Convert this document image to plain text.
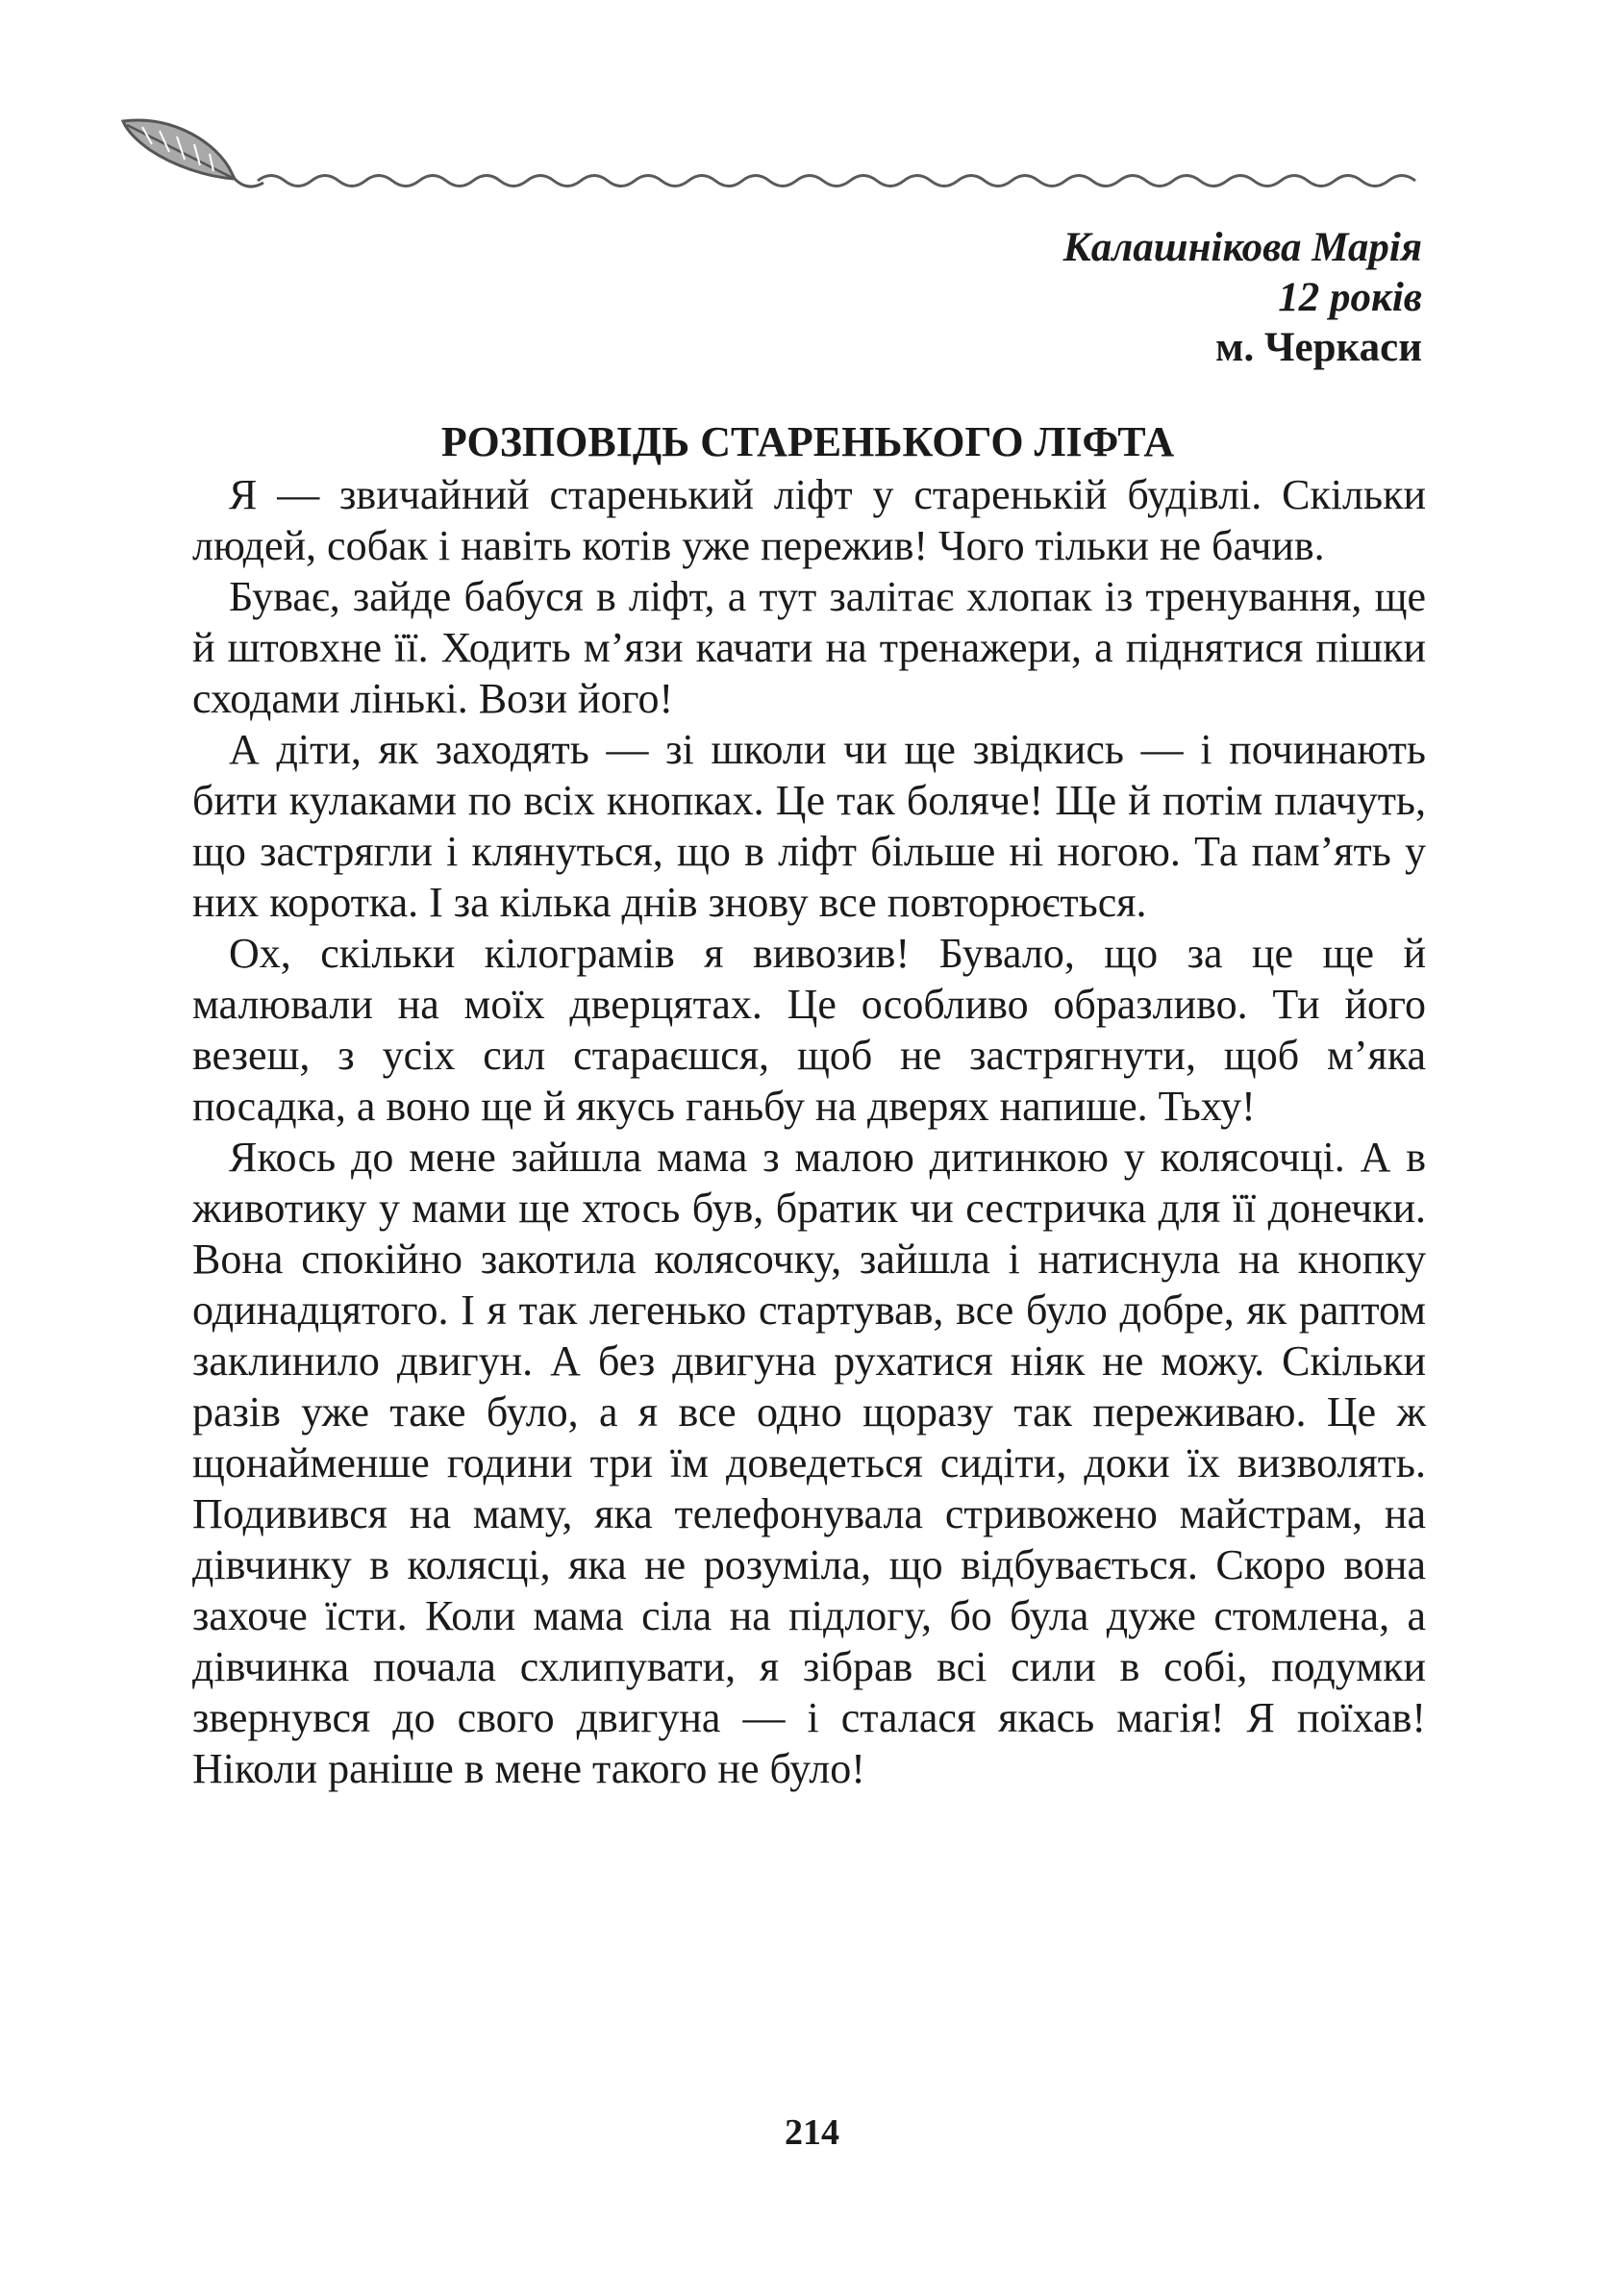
Калашнікова Марія
12 років
м. Черкаси
РОЗПОВІДЬ СТАРЕНЬКОГО ЛІФТА

Я — звичайний старенький ліфт у старенькій будівлі. Скільки людей, собак і навіть котів уже пережив! Чого тільки не бачив.

Буває, зайде бабуся в ліфт, а тут залітає хлопак із тренування, ще й штовхне її. Ходить м’язи качати на тренажери, а піднятися пішки сходами лінькі. Вози його!

А діти, як заходять — зі школи чи ще звідкись — і починають бити кулаками по всіх кнопках. Це так боляче! Ще й потім плачуть, що застрягли і клянуться, що в ліфт більше ні ногою. Та пам’ять у них коротка. І за кілька днів знову все повторюється.

Ох, скільки кілограмів я вивозив! Бувало, що за це ще й малювали на моїх дверцятах. Це особливо образливо. Ти його везеш, з усіх сил стараєшся, щоб не застрягнути, щоб м’яка посадка, а воно ще й якусь ганьбу на дверях напише. Тьху!

Якось до мене зайшла мама з малою дитинкою у колясочці. А в животику у мами ще хтось був, братик чи сестричка для її донечки. Вона спокійно закотила колясочку, зайшла і натиснула на кнопку одинадцятого. І я так легенько стартував, все було добре, як раптом заклинило двигун. А без двигуна рухатися ніяк не можу. Скільки разів уже таке було, а я все одно щоразу так переживаю. Це ж щонайменше години три їм доведеться сидіти, доки їх визволять. Подивився на маму, яка телефонувала стривожено майстрам, на дівчинку в колясці, яка не розуміла, що відбувається. Скоро вона захоче їсти. Коли мама сіла на підлогу, бо була дуже стомлена, а дівчинка почала схлипувати, я зібрав всі сили в собі, подумки звернувся до свого двигуна — і сталася якась магія! Я поїхав! Ніколи раніше в мене такого не було!

214
